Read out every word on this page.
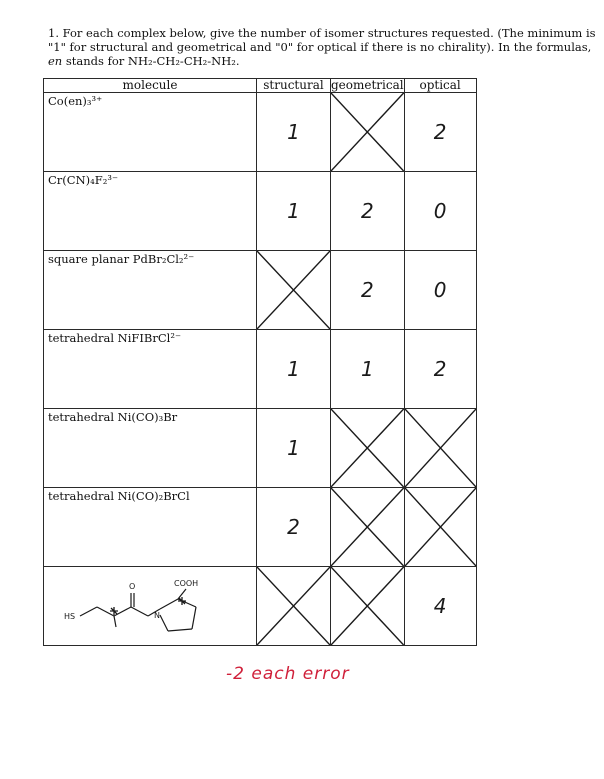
1. For each complex below, give the number of isomer structures requested. (The minimum is
"1" for structural and geometrical and "0" for optical if there is no chirality). In the formulas,
en stands for NH₂-CH₂-CH₂-NH₂.
molecule	structural	geometrical	optical

Co(en)₃³⁺	1		2

Cr(CN)₄F₂³⁻	1	2	0

square planar PdBr₂Cl₂²⁻		2	0

tetrahedral NiFIBrCl²⁻	1	1	2

tetrahedral Ni(CO)₃Br	1

tetrahedral Ni(CO)₂BrCl	2

HS
O COOH
N			4
-2 each error
